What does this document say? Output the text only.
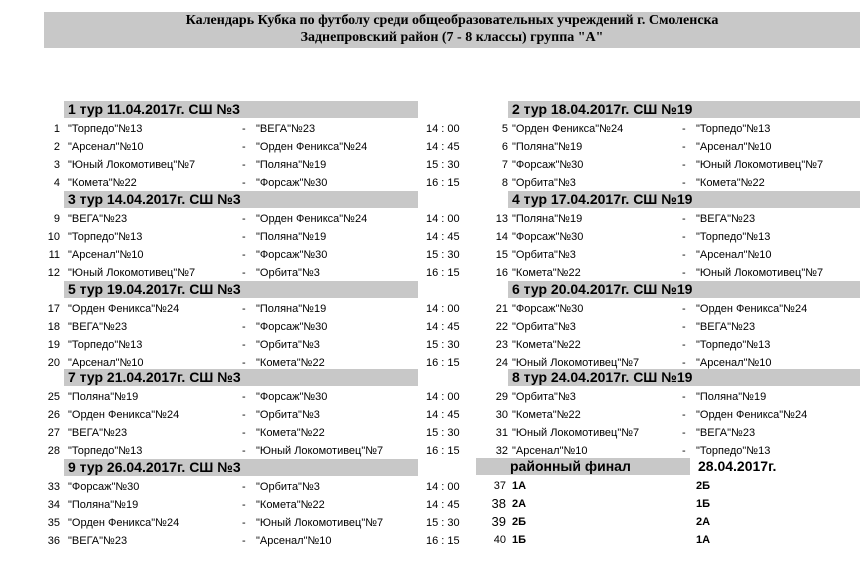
Календарь Кубка по футболу среди общеобразовательных учреждений г. Смоленска
Заднепровский район (7 - 8 классы) группа "А"
1 тур 11.04.2017г. СШ №3
1 "Торпедо"№13	- "ВЕГА"№23	14 : 00
2 "Арсенал"№10	- "Орден Феникса"№24	14 : 45
3 "Юный Локомотивец"№7	- "Поляна"№19	15 : 30
4 "Комета"№22	- "Форсаж"№30	16 : 15
3 тур 14.04.2017г. СШ №3
9 "ВЕГА"№23	- "Орден Феникса"№24	14 : 00
10 "Торпедо"№13	- "Поляна"№19	14 : 45
11 "Арсенал"№10	- "Форсаж"№30	15 : 30
12 "Юный Локомотивец"№7	- "Орбита"№3	16 : 15
5 тур 19.04.2017г. СШ №3
17 "Орден Феникса"№24	- "Поляна"№19	14 : 00
18 "ВЕГА"№23	- "Форсаж"№30	14 : 45
19 "Торпедо"№13	- "Орбита"№3	15 : 30
20 "Арсенал"№10	- "Комета"№22	16 : 15
7 тур 21.04.2017г. СШ №3
25 "Поляна"№19	- "Форсаж"№30	14 : 00
26 "Орден Феникса"№24	- "Орбита"№3	14 : 45
27 "ВЕГА"№23	- "Комета"№22	15 : 30
28 "Торпедо"№13	- "Юный Локомотивец"№7	16 : 15
9 тур 26.04.2017г. СШ №3
33 "Форсаж"№30	- "Орбита"№3	14 : 00
34 "Поляна"№19	- "Комета"№22	14 : 45
35 "Орден Феникса"№24	- "Юный Локомотивец"№7	15 : 30
36 "ВЕГА"№23	- "Арсенал"№10	16 : 15
2 тур 18.04.2017г. СШ №19
5 "Орден Феникса"№24	- "Торпедо"№13
6 "Поляна"№19	- "Арсенал"№10
7 "Форсаж"№30	- "Юный Локомотивец"№7
8 "Орбита"№3	- "Комета"№22
4 тур 17.04.2017г. СШ №19
13 "Поляна"№19	- "ВЕГА"№23
14 "Форсаж"№30	- "Торпедо"№13
15 "Орбита"№3	- "Арсенал"№10
16 "Комета"№22	- "Юный Локомотивец"№7
6 тур 20.04.2017г. СШ №19
21 "Форсаж"№30	- "Орден Феникса"№24
22 "Орбита"№3	- "ВЕГА"№23
23 "Комета"№22	- "Торпедо"№13
24 "Юный Локомотивец"№7	- "Арсенал"№10
8 тур 24.04.2017г. СШ №19
29 "Орбита"№3	- "Поляна"№19
30 "Комета"№22	- "Орден Феникса"№24
31 "Юный Локомотивец"№7	- "ВЕГА"№23
32 "Арсенал"№10	- "Торпедо"№13
районный финал	28.04.2017г.
37 1А	2Б
38 2А	1Б
39 2Б	2А
40 1Б	1А
